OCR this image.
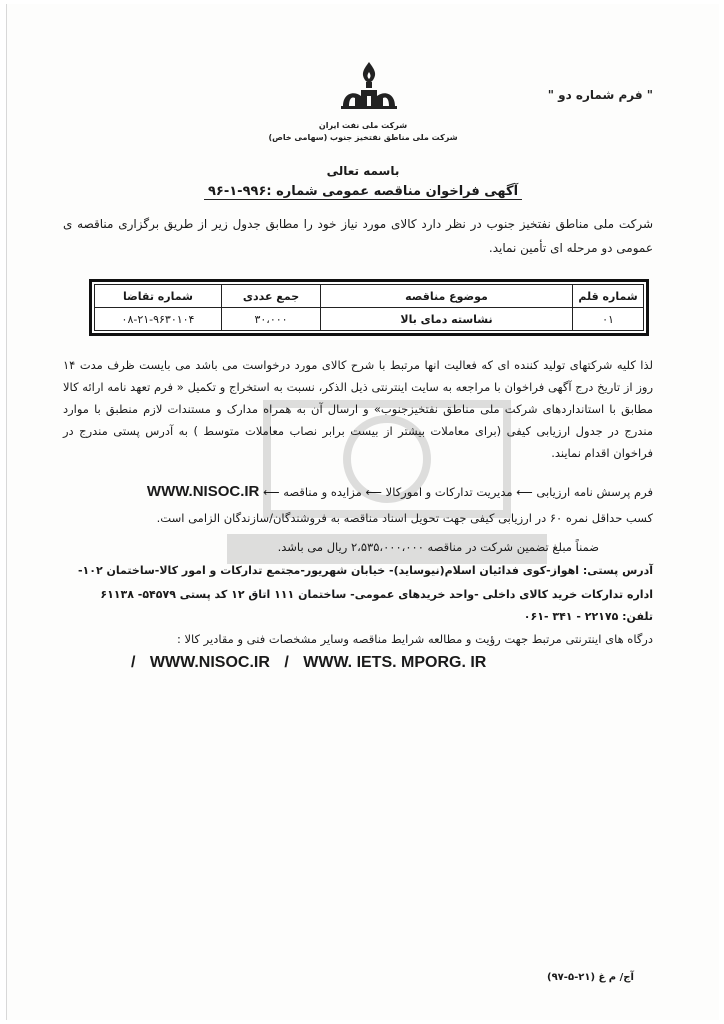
" فرم شماره دو "
شرکت ملی نفت ایران
شرکت ملی مناطق نفتخیز جنوب (سهامی خاص)
باسمه تعالی
آگهی فراخوان مناقصه عمومی شماره :۹۹۶-۱-۹۶
شرکت ملی مناطق نفتخیز جنوب در نظر دارد کالای مورد نیاز خود را مطابق جدول زیر از طریق برگزاری مناقصه ی عمومی دو مرحله ای تأمین نماید.
شماره قلم	موضوع مناقصه	جمع عددی	شماره تقاضا
۰۱	نشاسته دمای بالا	۳۰،۰۰۰	۰۸-۲۱-۹۶۳۰۱۰۴
لذا کلیه شرکتهای تولید کننده ای که فعالیت انها مرتبط با شرح کالای مورد درخواست می باشد می بایست ظرف مدت ۱۴ روز از تاریخ درج آگهی فراخوان با مراجعه به سایت اینترنتی ذیل الذکر، نسبت به استخراج و تکمیل « فرم تعهد نامه ارائه کالا مطابق با استانداردهای شرکت ملی مناطق نفتخیزجنوب» و ارسال آن به همراه مدارک و مستندات لازم منطبق با موارد مندرج در جدول ارزیابی کیفی (برای معاملات بیشتر از بیست برابر نصاب معاملات متوسط ) به آدرس پستی مندرج در فراخوان اقدام نمایند.
فرم پرسش نامه ارزیابی ⟵ مدیریت تدارکات و امورکالا ⟵ مزایده و مناقصه ⟵ WWW.NISOC.IR
کسب حداقل نمره ۶۰ در ارزیابی کیفی جهت تحویل اسناد مناقصه به فروشندگان/سازندگان الزامی است.
ضمناً مبلغ تضمین شرکت در مناقصه ۲،۵۳۵،۰۰۰،۰۰۰ ریال می باشد.
آدرس پستی: اهواز-کوی فدائیان اسلام(نیوساید)- خیابان شهریور-مجتمع تدارکات و امور کالا-ساختمان ۱۰۲-
اداره تدارکات خرید کالای داخلی -واحد خریدهای عمومی- ساختمان ۱۱۱ اتاق ۱۲ کد پستی ۵۴۵۷۹- ۶۱۱۳۸
تلفن: ۲۲۱۷۵ - ۳۴۱ -۰۶۱
درگاه های اینترنتی مرتبط جهت رؤیت و مطالعه شرایط مناقصه وسایر مشخصات فنی و مقادیر کالا :
/ WWW.NISOC.IR / WWW. IETS. MPORG. IR
آ‌ج/ م غ (۲۱-۵-۹۷)
